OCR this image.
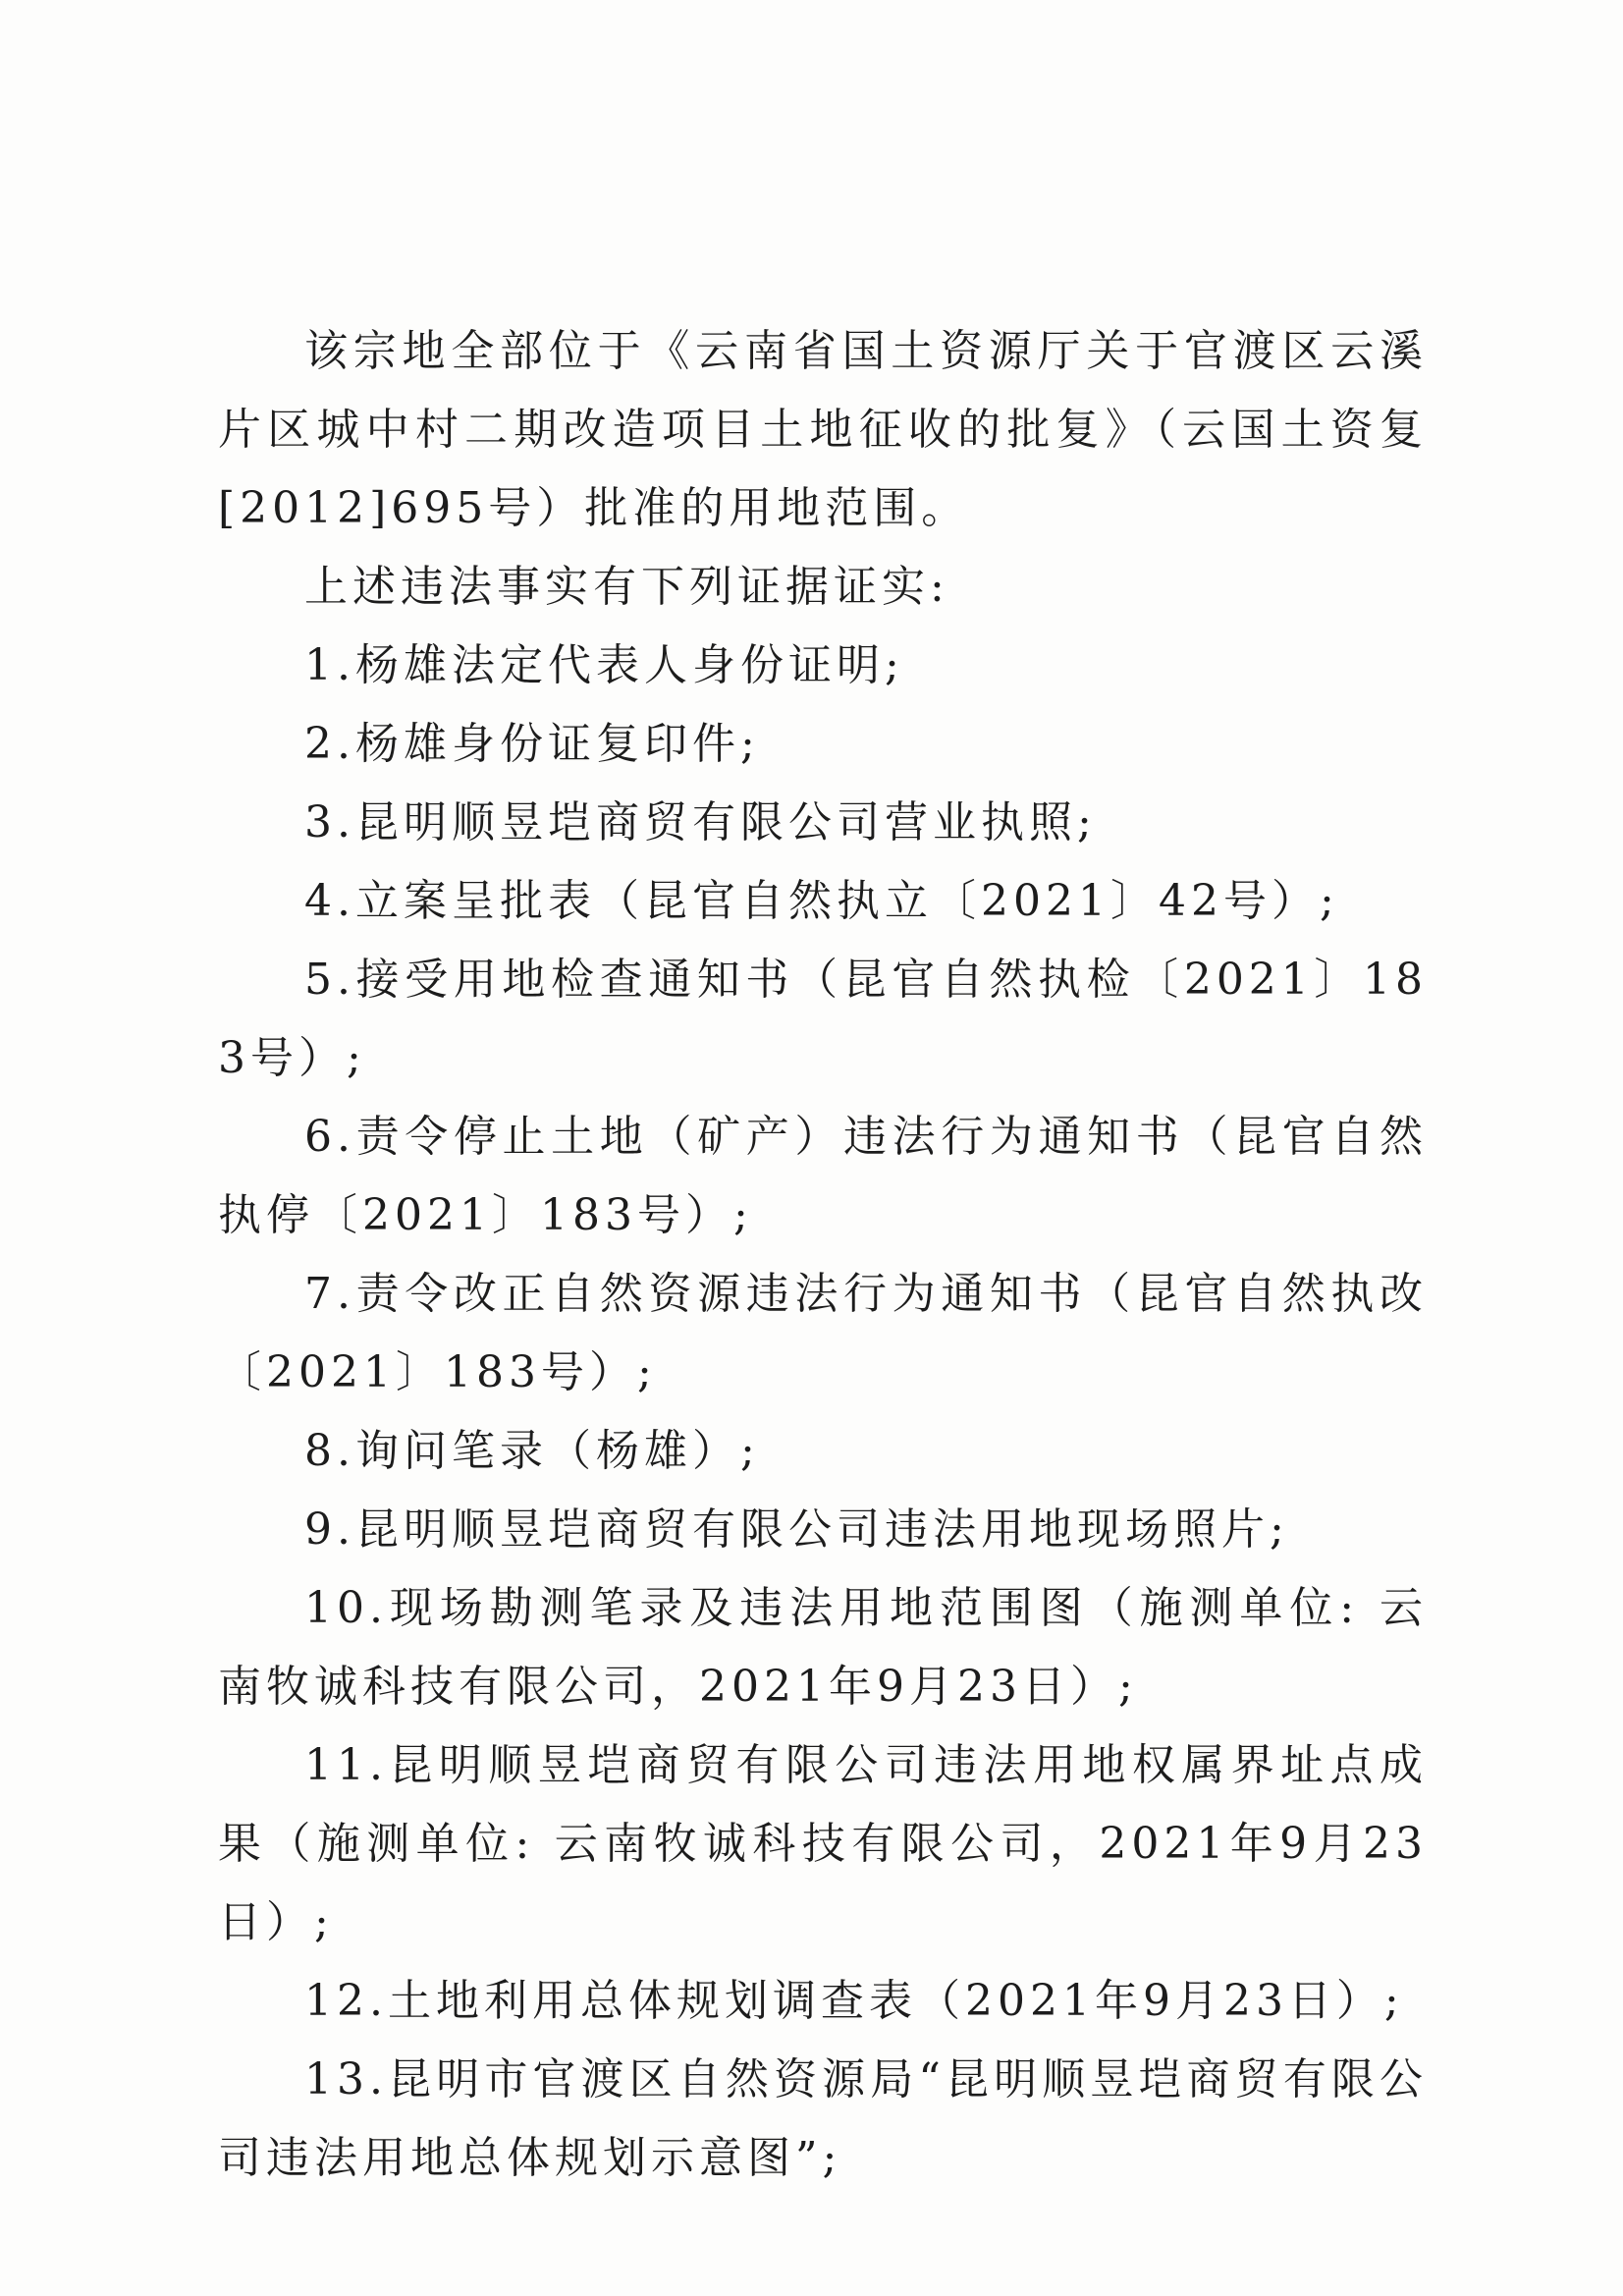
该宗地全部位于《云南省国土资源厅关于官渡区云溪片区城中村二期改造项目土地征收的批复》（云国土资复[2012]695号）批准的用地范围。

上述违法事实有下列证据证实:

1.杨雄法定代表人身份证明;

2.杨雄身份证复印件;

3.昆明顺昱垲商贸有限公司营业执照;

4.立案呈批表（昆官自然执立〔2021〕42号）;

5.接受用地检查通知书（昆官自然执检〔2021〕183号）;

6.责令停止土地（矿产）违法行为通知书（昆官自然执停〔2021〕183号）;

7.责令改正自然资源违法行为通知书（昆官自然执改〔2021〕183号）;

8.询问笔录（杨雄）;

9.昆明顺昱垲商贸有限公司违法用地现场照片;

10.现场勘测笔录及违法用地范围图（施测单位: 云南牧诚科技有限公司，2021年9月23日）;

11.昆明顺昱垲商贸有限公司违法用地权属界址点成果（施测单位: 云南牧诚科技有限公司，2021年9月23日）;

12.土地利用总体规划调查表（2021年9月23日）;

13.昆明市官渡区自然资源局“昆明顺昱垲商贸有限公司违法用地总体规划示意图”;
